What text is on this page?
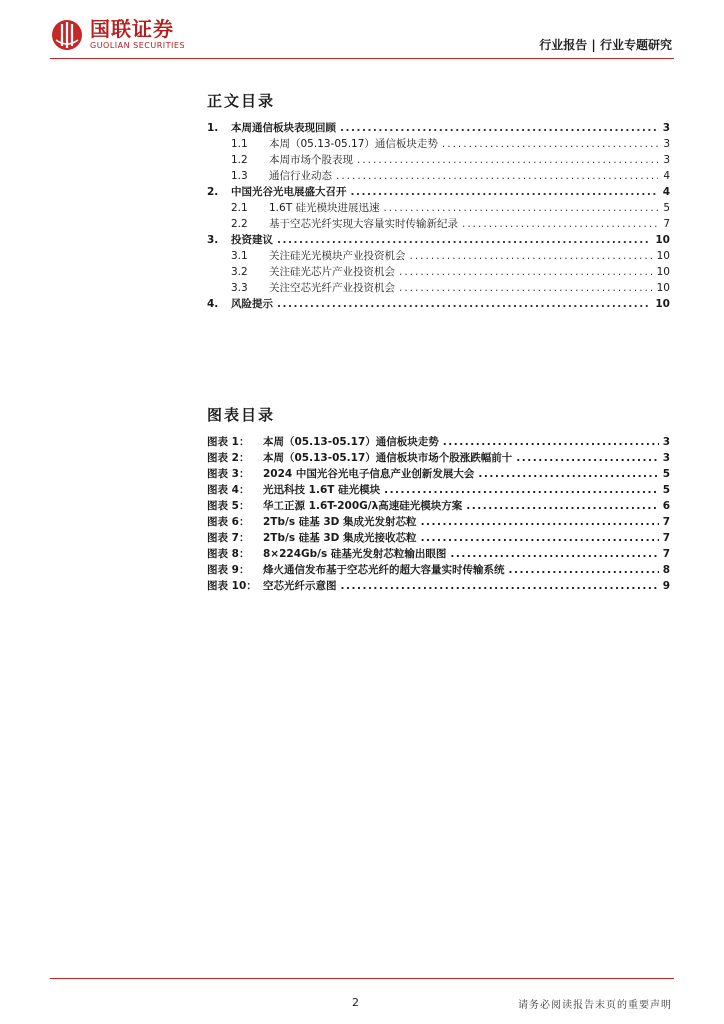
国联证券
GUOLIAN SECURITIES	行业报告 | 行业专题研究
正文目录
1.	本周通信板块表现回顾 .....	3
1.1	本周（05.13-05.17）通信板块走势 .....	3
1.2	本周市场个股表现 .....	3
1.3	通信行业动态 .....	4
2.	中国光谷光电展盛大召开 .....	4
2.1	1.6T 硅光模块进展迅速 .....	5
2.2	基于空芯光纤实现大容量实时传输新纪录 .....	7
3.	投资建议 .....	10
3.1	关注硅光光模块产业投资机会 .....	10
3.2	关注硅光芯片产业投资机会 .....	10
3.3	关注空芯光纤产业投资机会 .....	10
4.	风险提示 .....	10
图表目录
图表 1：	本周（05.13-05.17）通信板块走势 .....	3
图表 2：	本周（05.13-05.17）通信板块市场个股涨跌幅前十 .....	3
图表 3：	2024 中国光谷光电子信息产业创新发展大会 .....	5
图表 4：	光迅科技 1.6T 硅光模块 .....	5
图表 5：	华工正源 1.6T-200G/λ高速硅光模块方案 .....	6
图表 6：	2Tb/s 硅基 3D 集成光发射芯粒 .....	7
图表 7：	2Tb/s 硅基 3D 集成光接收芯粒 .....	7
图表 8：	8×224Gb/s 硅基光发射芯粒输出眼图 .....	7
图表 9：	烽火通信发布基于空芯光纤的超大容量实时传输系统 .....	8
图表 10： 空芯光纤示意图 .....	9
2	请务必阅读报告末页的重要声明
